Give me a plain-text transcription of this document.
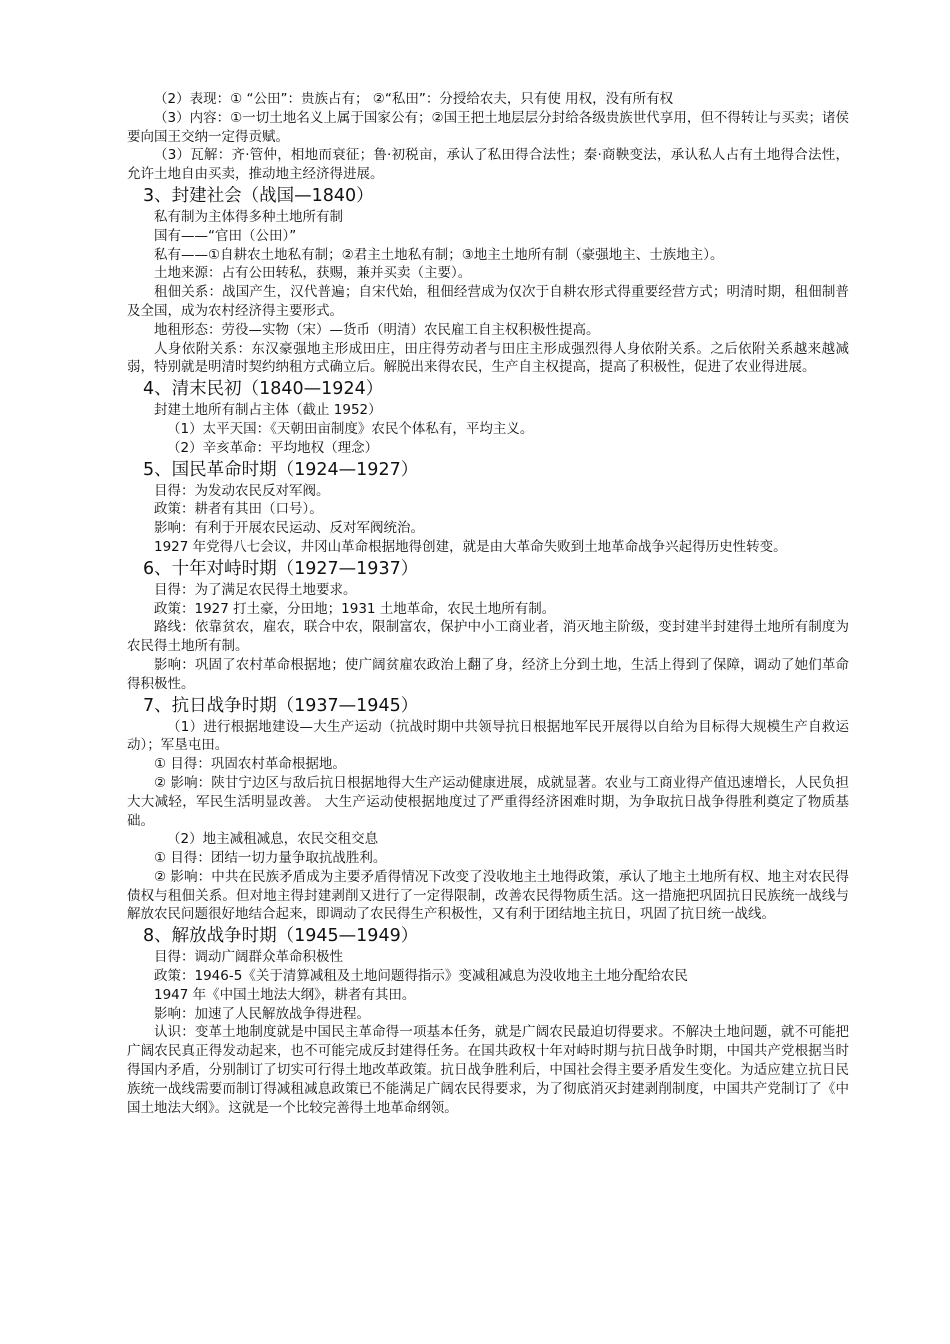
（2）表现：① “公田”：贵族占有； ②“私田”：分授给农夫，只有使 用权，没有所有权

（3）内容：①一切土地名义上属于国家公有；②国王把土地层层分封给各级贵族世代享用，但不得转让与买卖；诸侯要向国王交纳一定得贡赋。

（3）瓦解：齐·管仲，相地而衰征；鲁·初税亩，承认了私田得合法性；秦·商鞅变法，承认私人占有土地得合法性，允许土地自由买卖，推动地主经济得进展。

3、封建社会（战国—1840）

私有制为主体得多种土地所有制

国有——“官田（公田）”

私有——①自耕农土地私有制；②君主土地私有制；③地主土地所有制（豪强地主、士族地主）。

土地来源：占有公田转私，获赐，兼并买卖（主要）。

租佃关系：战国产生，汉代普遍；自宋代始，租佃经营成为仅次于自耕农形式得重要经营方式；明清时期，租佃制普及全国，成为农村经济得主要形式。

地租形态：劳役—实物（宋）—货币（明清）农民雇工自主权积极性提高。

人身依附关系：东汉豪强地主形成田庄，田庄得劳动者与田庄主形成强烈得人身依附关系。之后依附关系越来越减弱，特别就是明清时契约纳租方式确立后。解脱出来得农民，生产自主权提高，提高了积极性，促进了农业得进展。

4、清末民初（1840—1924）

封建土地所有制占主体（截止 1952）

（1）太平天国：《天朝田亩制度》农民个体私有，平均主义。

（2）辛亥革命：平均地权（理念）

5、国民革命时期（1924—1927）

目得：为发动农民反对军阀。

政策：耕者有其田（口号）。

影响：有利于开展农民运动、反对军阀统治。

1927 年党得八七会议，井冈山革命根据地得创建，就是由大革命失败到土地革命战争兴起得历史性转变。

6、十年对峙时期（1927—1937）

目得：为了满足农民得土地要求。

政策：1927 打土豪，分田地；1931 土地革命，农民土地所有制。

路线：依靠贫农，雇农，联合中农，限制富农，保护中小工商业者，消灭地主阶级，变封建半封建得土地所有制度为农民得土地所有制。

影响：巩固了农村革命根据地；使广阔贫雇农政治上翻了身，经济上分到土地，生活上得到了保障，调动了她们革命得积极性。

7、抗日战争时期（1937—1945）

（1）进行根据地建设—大生产运动（抗战时期中共领导抗日根据地军民开展得以自给为目标得大规模生产自救运动）；军垦屯田。

① 目得：巩固农村革命根据地。

② 影响：陕甘宁边区与敌后抗日根据地得大生产运动健康进展，成就显著。农业与工商业得产值迅速增长，人民负担大大减轻，军民生活明显改善。 大生产运动使根据地度过了严重得经济困难时期，为争取抗日战争得胜利奠定了物质基础。

（2）地主减租减息，农民交租交息

① 目得：团结一切力量争取抗战胜利。

② 影响：中共在民族矛盾成为主要矛盾得情况下改变了没收地主土地得政策，承认了地主土地所有权、地主对农民得债权与租佃关系。但对地主得封建剥削又进行了一定得限制，改善农民得物质生活。这一措施把巩固抗日民族统一战线与解放农民问题很好地结合起来，即调动了农民得生产积极性，又有利于团结地主抗日，巩固了抗日统一战线。

8、解放战争时期（1945—1949）

目得：调动广阔群众革命积极性

政策：1946-5《关于清算减租及土地问题得指示》变减租减息为没收地主土地分配给农民

1947 年《中国土地法大纲》，耕者有其田。

影响：加速了人民解放战争得进程。

认识：变革土地制度就是中国民主革命得一项基本任务，就是广阔农民最迫切得要求。不解决土地问题，就不可能把广阔农民真正得发动起来，也不可能完成反封建得任务。在国共政权十年对峙时期与抗日战争时期，中国共产党根据当时得国内矛盾，分别制订了切实可行得土地改革政策。抗日战争胜利后，中国社会得主要矛盾发生变化。为适应建立抗日民族统一战线需要而制订得减租减息政策已不能满足广阔农民得要求，为了彻底消灭封建剥削制度，中国共产党制订了《中国土地法大纲》。这就是一个比较完善得土地革命纲领。
